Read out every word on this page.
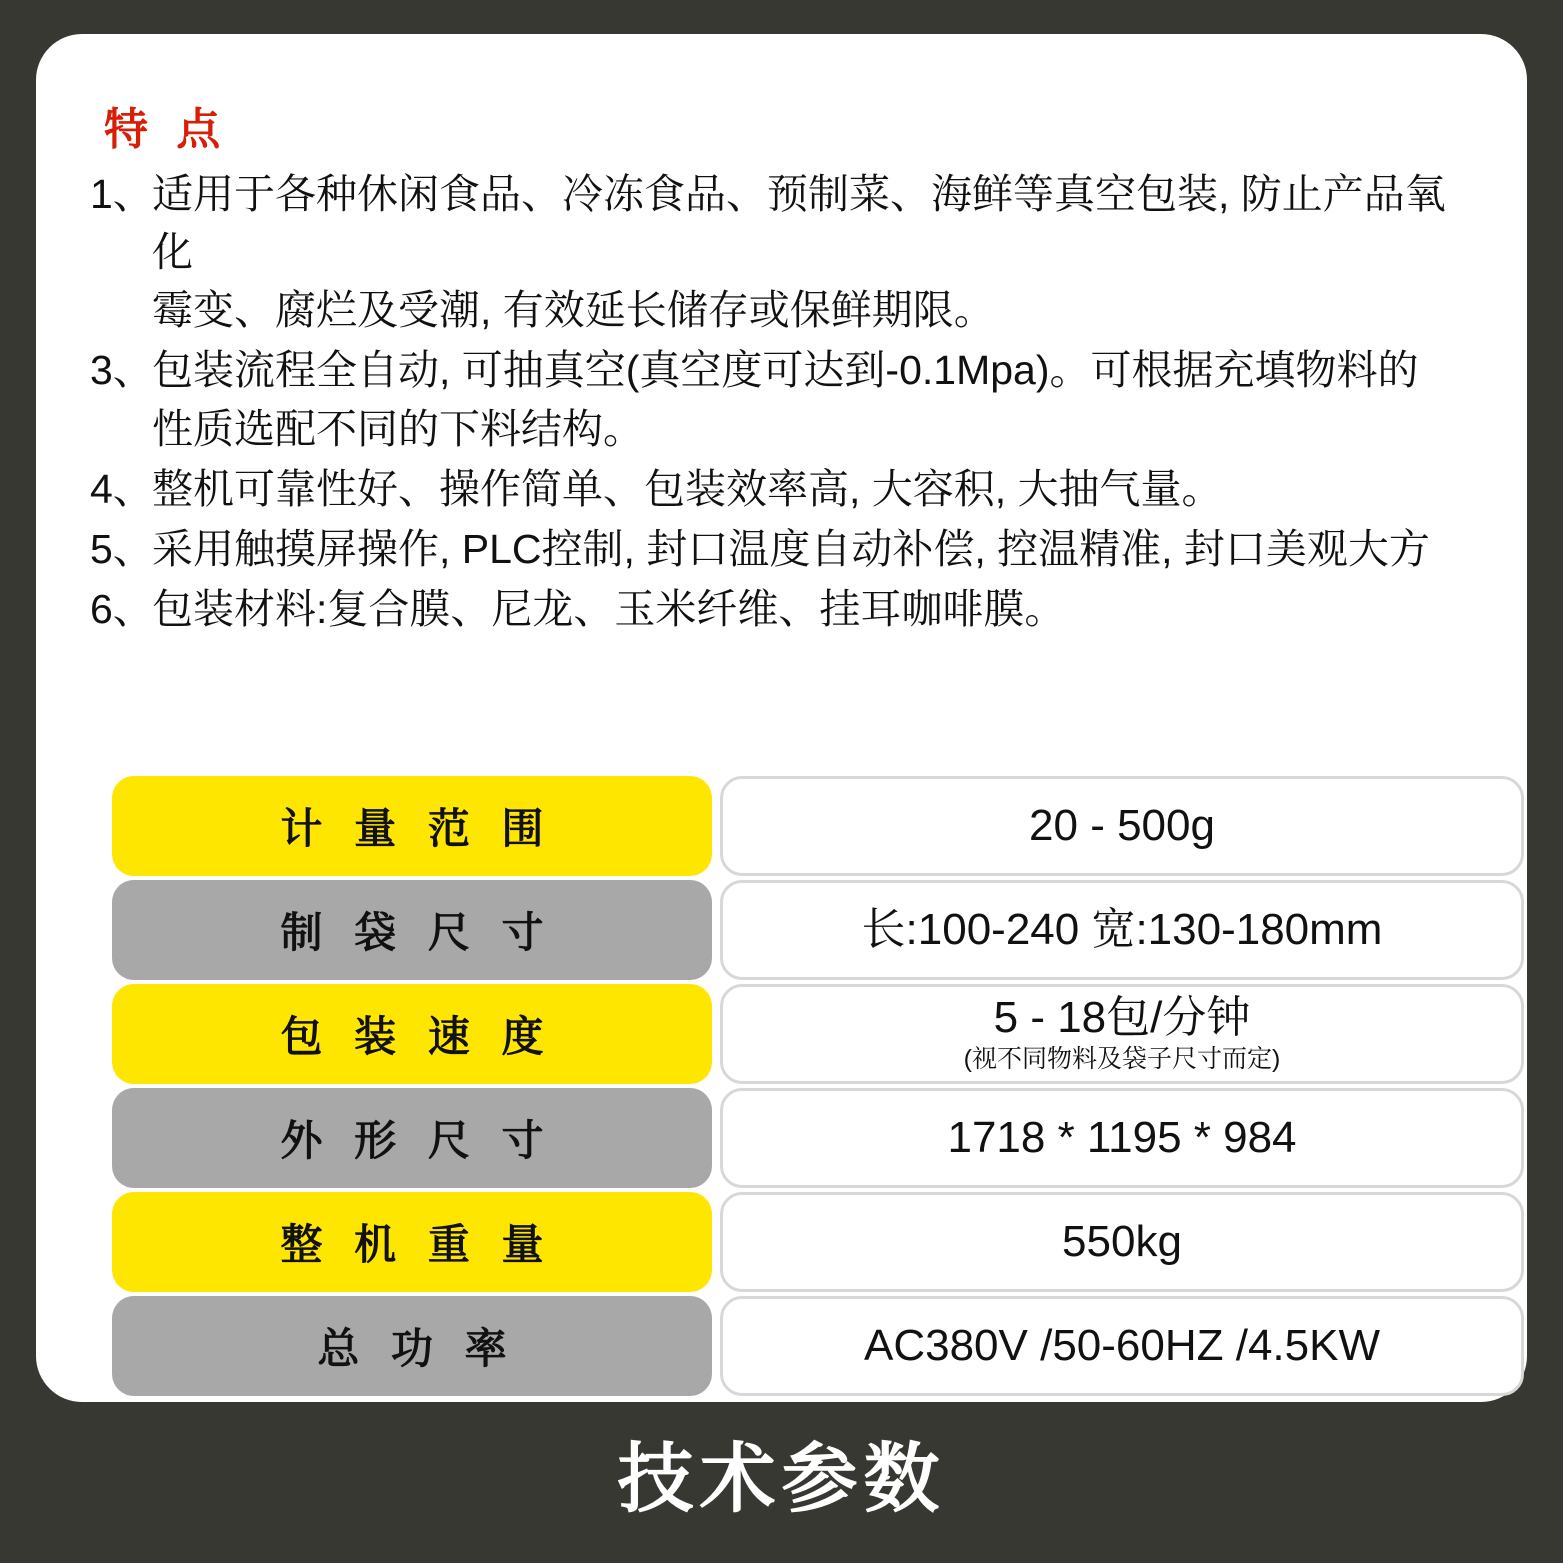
特 点
1、
适用于各种休闲食品、冷冻食品、预制菜、海鲜等真空包装, 防止产品氧化
霉变、腐烂及受潮, 有效延长储存或保鲜期限。
3、
包装流程全自动, 可抽真空(真空度可达到-0.1Mpa)。可根据充填物料的
性质选配不同的下料结构。
4、
整机可靠性好、操作简单、包装效率高, 大容积, 大抽气量。
5、
采用触摸屏操作, PLC控制, 封口温度自动补偿, 控温精准, 封口美观大方
6、
包装材料:复合膜、尼龙、玉米纤维、挂耳咖啡膜。
计 量 范 围	20 - 500g
制 袋 尺 寸	长:100-240 宽:130-180mm
包 装 速 度	5 - 18包/分钟
(视不同物料及袋子尺寸而定)
外 形 尺 寸	1718 * 1195 * 984
整 机 重 量	550kg
总 功 率	AC380V /50-60HZ /4.5KW
技术参数
